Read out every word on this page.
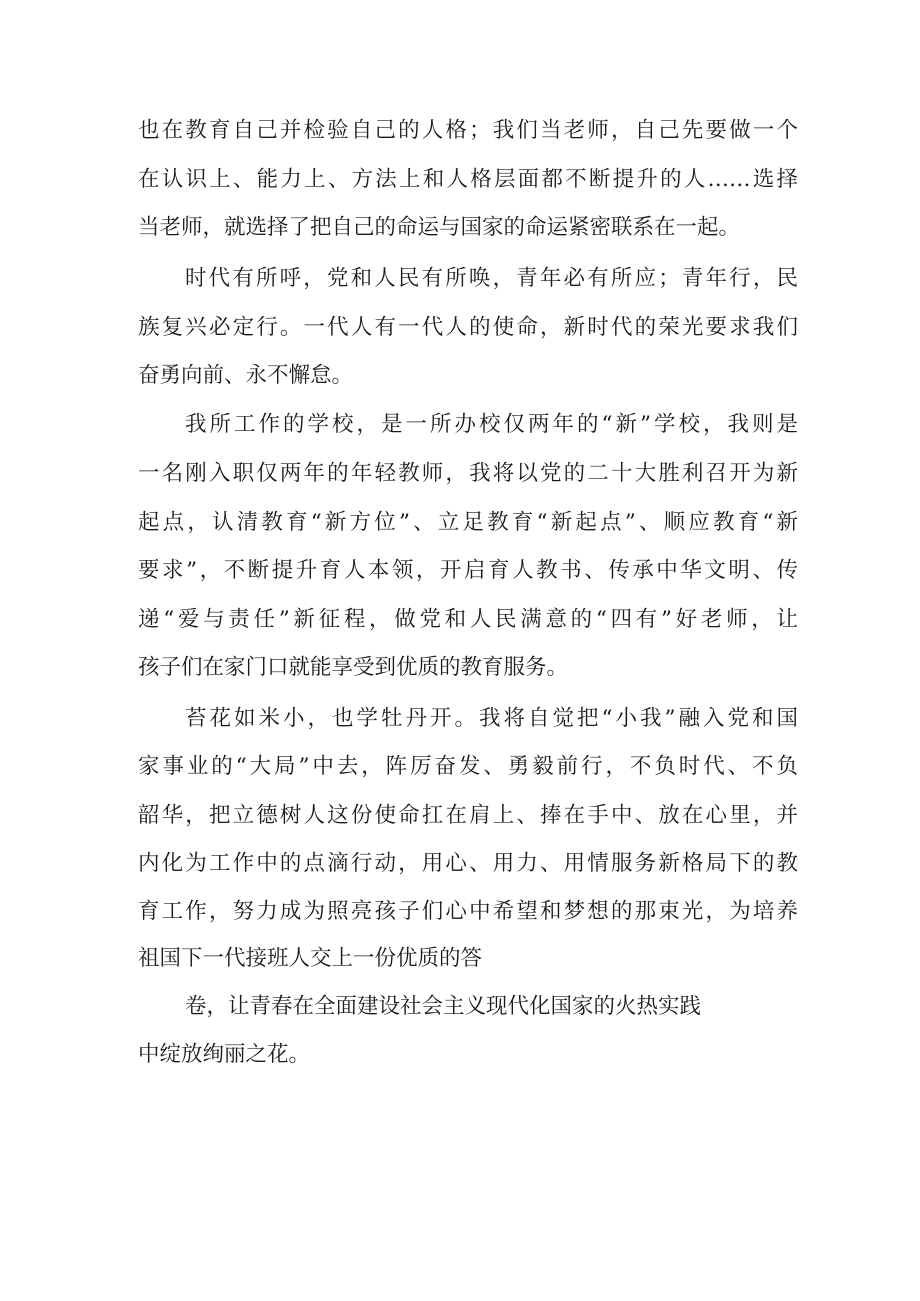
也在教育自己并检验自己的人格；我们当老师，自己先要做一个
在认识上、能力上、方法上和人格层面都不断提升的人……选择
当老师，就选择了把自己的命运与国家的命运紧密联系在一起。
时代有所呼，党和人民有所唤，青年必有所应；青年行，民
族复兴必定行。一代人有一代人的使命，新时代的荣光要求我们
奋勇向前、永不懈怠。
我所工作的学校，是一所办校仅两年的“新”学校，我则是
一名刚入职仅两年的年轻教师，我将以党的二十大胜利召开为新
起点，认清教育“新方位”、立足教育“新起点”、顺应教育“新
要求”，不断提升育人本领，开启育人教书、传承中华文明、传
递“爱与责任”新征程，做党和人民满意的“四有”好老师，让
孩子们在家门口就能享受到优质的教育服务。
苔花如米小，也学牡丹开。我将自觉把“小我”融入党和国
家事业的“大局”中去，阵厉奋发、勇毅前行，不负时代、不负
韶华，把立德树人这份使命扛在肩上、捧在手中、放在心里，并
内化为工作中的点滴行动，用心、用力、用情服务新格局下的教
育工作，努力成为照亮孩子们心中希望和梦想的那束光，为培养
祖国下一代接班人交上一份优质的答
卷，让青春在全面建设社会主义现代化国家的火热实践
中绽放绚丽之花。
